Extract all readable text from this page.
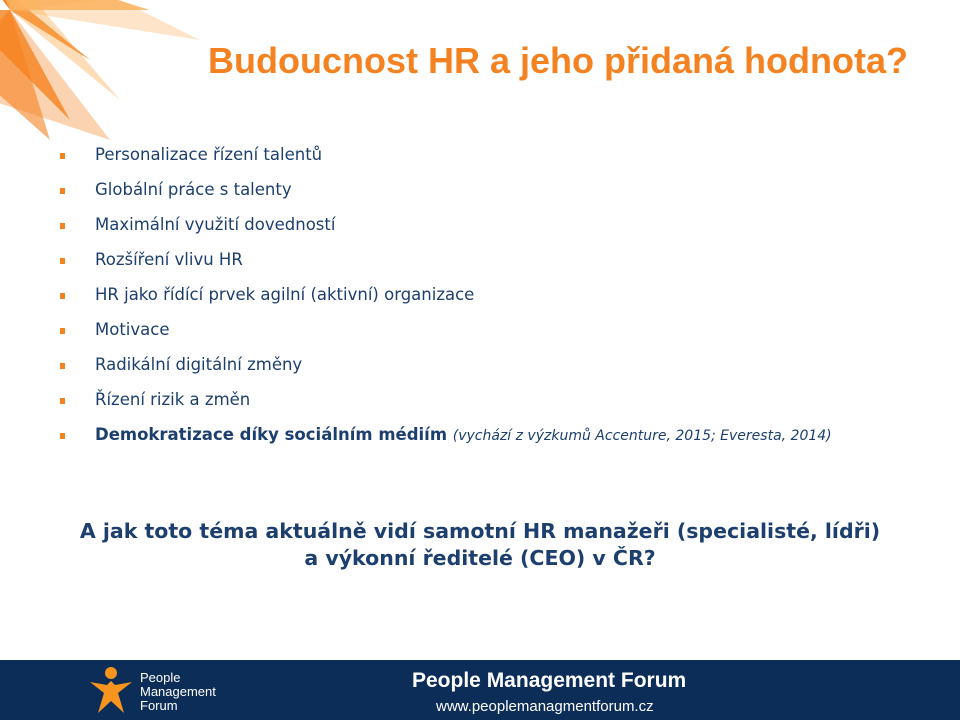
Budoucnost HR a jeho přidaná hodnota?
Personalizace řízení talentů
Globální práce s talenty
Maximální využití dovedností
Rozšíření vlivu HR
HR jako řídící prvek agilní (aktivní) organizace
Motivace
Radikální digitální změny
Řízení rizik a změn
Demokratizace díky sociálním médiím (vychází z výzkumů Accenture, 2015; Everesta, 2014)

A jak toto téma aktuálně vidí samotní HR manažeři (specialisté, lídři)
a výkonní ředitelé (CEO) v ČR?

People
Management
Forum
People Management Forum
www.peoplemanagmentforum.cz
